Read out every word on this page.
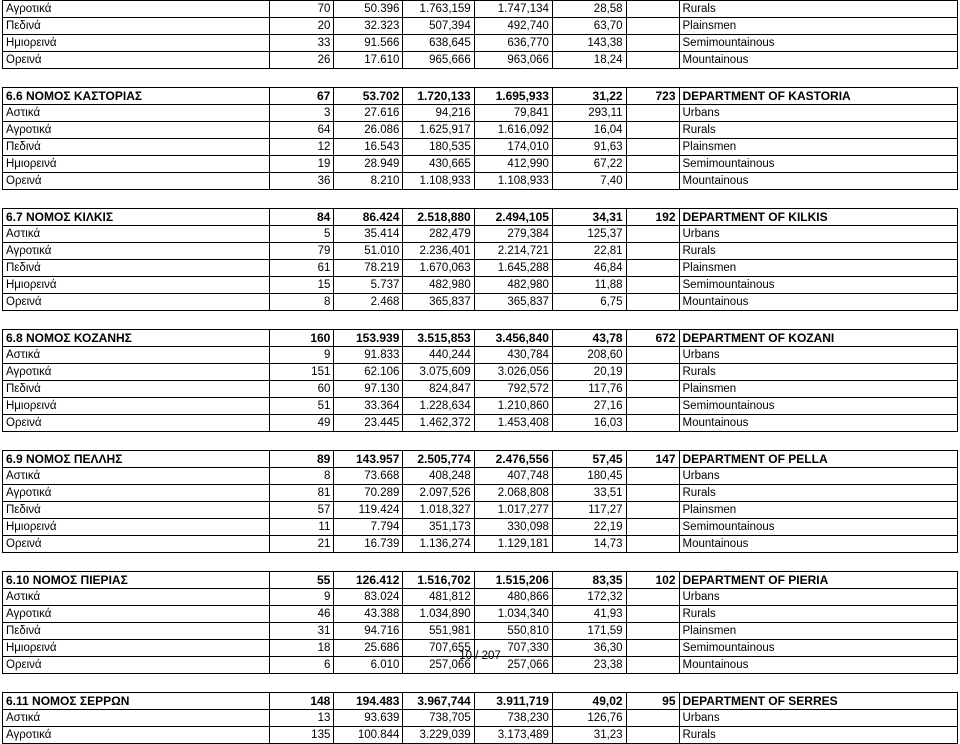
Αγροτικά	70	50.396	1.763,159	1.747,134	28,58		Rurals
Πεδινά	20	32.323	507,394	492,740	63,70		Plainsmen
Ημιορεινά	33	91.566	638,645	636,770	143,38		Semimountainous
Ορεινά	26	17.610	965,666	963,066	18,24		Mountainous

6.6 ΝΟΜΟΣ ΚΑΣΤΟΡΙΑΣ	67	53.702	1.720,133	1.695,933	31,22	723	DEPARTMENT OF KASTORIA
Αστικά	3	27.616	94,216	79,841	293,11		Urbans
Αγροτικά	64	26.086	1.625,917	1.616,092	16,04		Rurals
Πεδινά	12	16.543	180,535	174,010	91,63		Plainsmen
Ημιορεινά	19	28.949	430,665	412,990	67,22		Semimountainous
Ορεινά	36	8.210	1.108,933	1.108,933	7,40		Mountainous

6.7 ΝΟΜΟΣ ΚΙΛΚΙΣ	84	86.424	2.518,880	2.494,105	34,31	192	DEPARTMENT OF KILKIS
Αστικά	5	35.414	282,479	279,384	125,37		Urbans
Αγροτικά	79	51.010	2.236,401	2.214,721	22,81		Rurals
Πεδινά	61	78.219	1.670,063	1.645,288	46,84		Plainsmen
Ημιορεινά	15	5.737	482,980	482,980	11,88		Semimountainous
Ορεινά	8	2.468	365,837	365,837	6,75		Mountainous

6.8 ΝΟΜΟΣ ΚΟΖΑΝΗΣ	160	153.939	3.515,853	3.456,840	43,78	672	DEPARTMENT OF KOZANI
Αστικά	9	91.833	440,244	430,784	208,60		Urbans
Αγροτικά	151	62.106	3.075,609	3.026,056	20,19		Rurals
Πεδινά	60	97.130	824,847	792,572	117,76		Plainsmen
Ημιορεινά	51	33.364	1.228,634	1.210,860	27,16		Semimountainous
Ορεινά	49	23.445	1.462,372	1.453,408	16,03		Mountainous

6.9 ΝΟΜΟΣ ΠΕΛΛΗΣ	89	143.957	2.505,774	2.476,556	57,45	147	DEPARTMENT OF PELLA
Αστικά	8	73.668	408,248	407,748	180,45		Urbans
Αγροτικά	81	70.289	2.097,526	2.068,808	33,51		Rurals
Πεδινά	57	119.424	1.018,327	1.017,277	117,27		Plainsmen
Ημιορεινά	11	7.794	351,173	330,098	22,19		Semimountainous
Ορεινά	21	16.739	1.136,274	1.129,181	14,73		Mountainous

6.10 ΝΟΜΟΣ ΠΙΕΡΙΑΣ	55	126.412	1.516,702	1.515,206	83,35	102	DEPARTMENT OF PIERIA
Αστικά	9	83.024	481,812	480,866	172,32		Urbans
Αγροτικά	46	43.388	1.034,890	1.034,340	41,93		Rurals
Πεδινά	31	94.716	551,981	550,810	171,59		Plainsmen
Ημιορεινά	18	25.686	707,655	707,330	36,30		Semimountainous
Ορεινά	6	6.010	257,066	257,066	23,38		Mountainous

6.11 ΝΟΜΟΣ ΣΕΡΡΩΝ	148	194.483	3.967,744	3.911,719	49,02	95	DEPARTMENT OF SERRES
Αστικά	13	93.639	738,705	738,230	126,76		Urbans
Αγροτικά	135	100.844	3.229,039	3.173,489	31,23		Rurals
10 / 207
